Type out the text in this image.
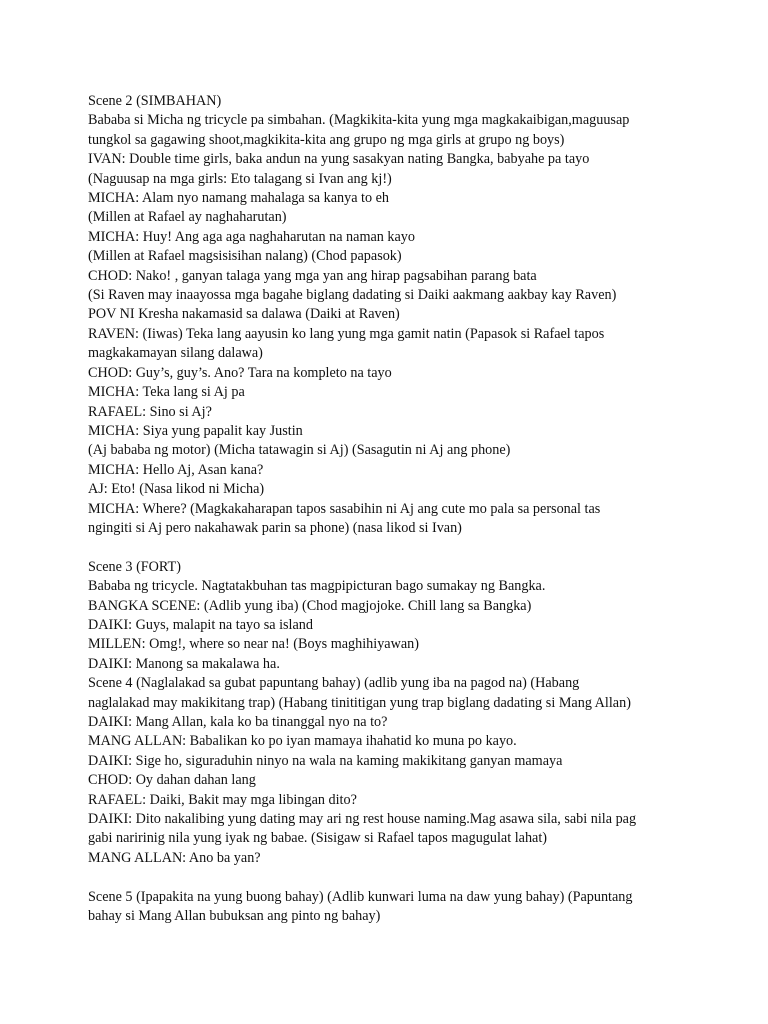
Scene 2 (SIMBAHAN)
Bababa si Micha ng tricycle pa simbahan. (Magkikita-kita yung mga magkakaibigan,maguusap
tungkol sa gagawing shoot,magkikita-kita ang grupo ng mga girls at grupo ng boys)
IVAN: Double time girls, baka andun na yung sasakyan nating Bangka, babyahe pa tayo
(Naguusap na mga girls: Eto talagang si Ivan ang kj!)
MICHA: Alam nyo namang mahalaga sa kanya to eh
(Millen at Rafael ay naghaharutan)
MICHA: Huy! Ang aga aga naghaharutan na naman kayo
(Millen at Rafael magsisisihan nalang) (Chod papasok)
CHOD: Nako! , ganyan talaga yang mga yan ang hirap pagsabihan parang bata
(Si Raven may inaayossa mga bagahe biglang dadating si Daiki aakmang aakbay kay Raven)
POV NI Kresha nakamasid sa dalawa (Daiki at Raven)
RAVEN: (Iiwas) Teka lang aayusin ko lang yung mga gamit natin (Papasok si Rafael tapos
magkakamayan silang dalawa)
CHOD: Guy’s, guy’s. Ano? Tara na kompleto na tayo
MICHA: Teka lang si Aj pa
RAFAEL: Sino si Aj?
MICHA: Siya yung papalit kay Justin
(Aj bababa ng motor) (Micha tatawagin si Aj) (Sasagutin ni Aj ang phone)
MICHA: Hello Aj, Asan kana?
AJ: Eto! (Nasa likod ni Micha)
MICHA: Where? (Magkakaharapan tapos sasabihin ni Aj ang cute mo pala sa personal tas
ngingiti si Aj pero nakahawak parin sa phone) (nasa likod si Ivan)
Scene 3 (FORT)
Bababa ng tricycle. Nagtatakbuhan tas magpipicturan bago sumakay ng Bangka.
BANGKA SCENE: (Adlib yung iba) (Chod magjojoke. Chill lang sa Bangka)
DAIKI: Guys, malapit na tayo sa island
MILLEN: Omg!, where so near na! (Boys maghihiyawan)
DAIKI: Manong sa makalawa ha.
Scene 4 (Naglalakad sa gubat papuntang bahay) (adlib yung iba na pagod na) (Habang
naglalakad may makikitang trap) (Habang tinititigan yung trap biglang dadating si Mang Allan)
DAIKI: Mang Allan, kala ko ba tinanggal nyo na to?
MANG ALLAN: Babalikan ko po iyan mamaya ihahatid ko muna po kayo.
DAIKI: Sige ho, siguraduhin ninyo na wala na kaming makikitang ganyan mamaya
CHOD: Oy dahan dahan lang
RAFAEL: Daiki, Bakit may mga libingan dito?
DAIKI: Dito nakalibing yung dating may ari ng rest house naming.Mag asawa sila, sabi nila pag
gabi naririnig nila yung iyak ng babae. (Sisigaw si Rafael tapos magugulat lahat)
MANG ALLAN: Ano ba yan?
Scene 5 (Ipapakita na yung buong bahay) (Adlib kunwari luma na daw yung bahay) (Papuntang
bahay si Mang Allan bubuksan ang pinto ng bahay)
